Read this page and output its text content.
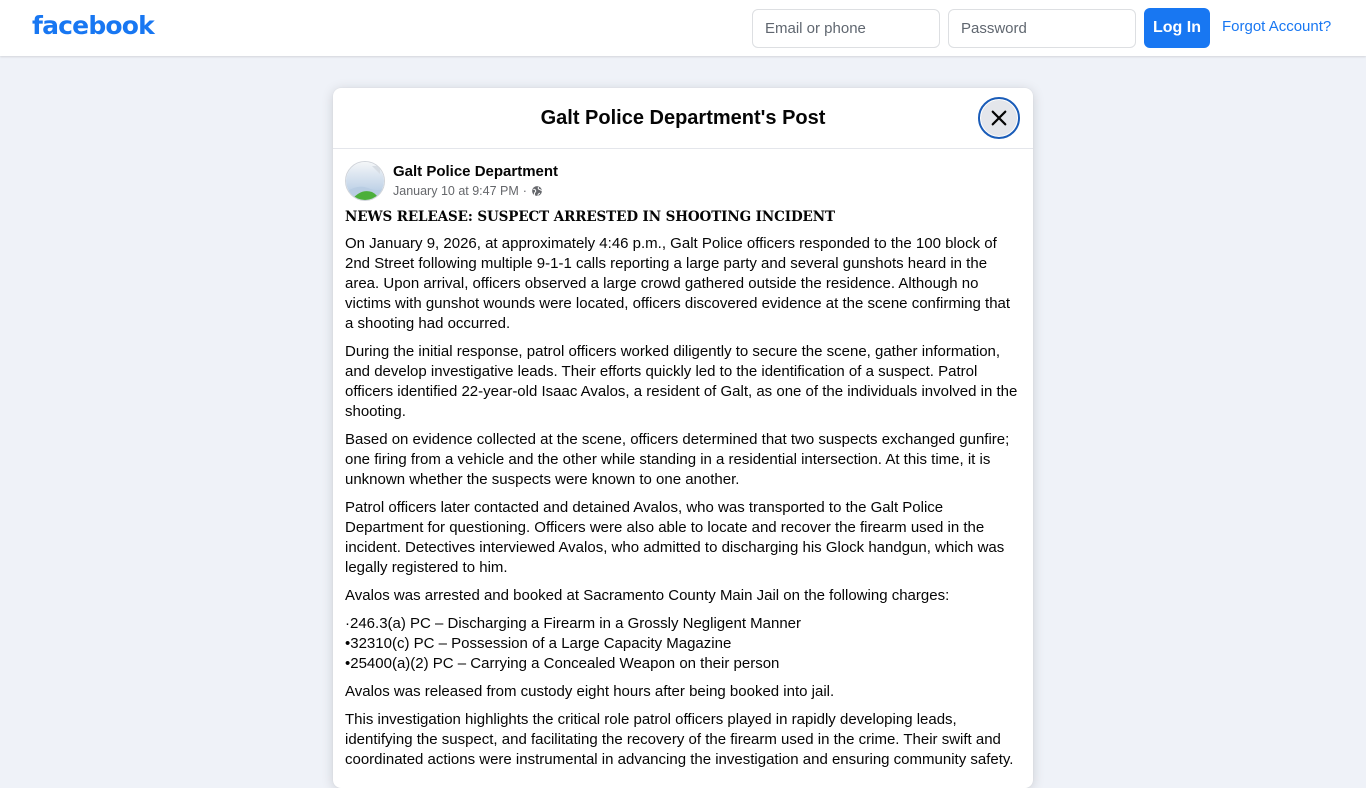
facebook
Email or phone	Log In	Forgot Account?
Galt Police Department's Post
Galt Police Department
January 10 at 9:47 PM ·
NEWS RELEASE: SUSPECT ARRESTED IN SHOOTING INCIDENT

On January 9, 2026, at approximately 4:46 p.m., Galt Police officers responded to the 100 block of 2nd Street following multiple 9-1-1 calls reporting a large party and several gunshots heard in the area. Upon arrival, officers observed a large crowd gathered outside the residence. Although no victims with gunshot wounds were located, officers discovered evidence at the scene confirming that a shooting had occurred.

During the initial response, patrol officers worked diligently to secure the scene, gather information, and develop investigative leads. Their efforts quickly led to the identification of a suspect. Patrol officers identified 22-year-old Isaac Avalos, a resident of Galt, as one of the individuals involved in the shooting.

Based on evidence collected at the scene, officers determined that two suspects exchanged gunfire; one firing from a vehicle and the other while standing in a residential intersection. At this time, it is unknown whether the suspects were known to one another.

Patrol officers later contacted and detained Avalos, who was transported to the Galt Police Department for questioning. Officers were also able to locate and recover the firearm used in the incident. Detectives interviewed Avalos, who admitted to discharging his Glock handgun, which was legally registered to him.

Avalos was arrested and booked at Sacramento County Main Jail on the following charges:

·246.3(a) PC – Discharging a Firearm in a Grossly Negligent Manner
•32310(c) PC – Possession of a Large Capacity Magazine
•25400(a)(2) PC – Carrying a Concealed Weapon on their person

Avalos was released from custody eight hours after being booked into jail.

This investigation highlights the critical role patrol officers played in rapidly developing leads, identifying the suspect, and facilitating the recovery of the firearm used in the crime. Their swift and coordinated actions were instrumental in advancing the investigation and ensuring community safety.
